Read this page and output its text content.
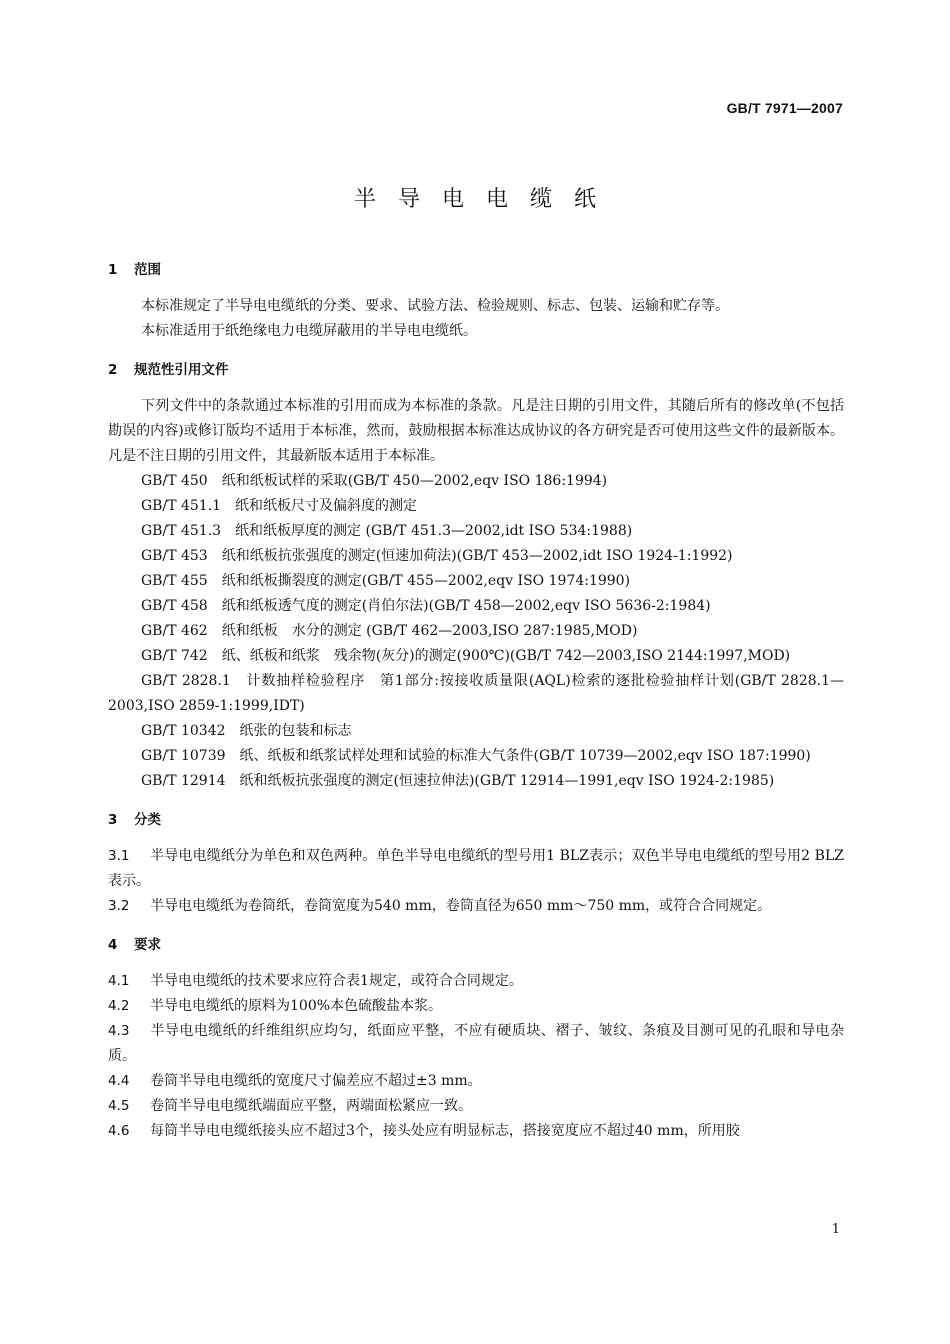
GB/T 7971—2007
半导电电缆纸

1 范围

本标准规定了半导电电缆纸的分类、要求、试验方法、检验规则、标志、包装、运输和贮存等。

本标准适用于纸绝缘电力电缆屏蔽用的半导电电缆纸。

2 规范性引用文件

下列文件中的条款通过本标准的引用而成为本标准的条款。凡是注日期的引用文件，其随后所有的修改单(不包括勘误的内容)或修订版均不适用于本标准，然而，鼓励根据本标准达成协议的各方研究是否可使用这些文件的最新版本。凡是不注日期的引用文件，其最新版本适用于本标准。

GB/T 450　纸和纸板试样的采取(GB/T 450—2002,eqv ISO 186:1994)

GB/T 451.1　纸和纸板尺寸及偏斜度的测定

GB/T 451.3　纸和纸板厚度的测定 (GB/T 451.3—2002,idt ISO 534:1988)

GB/T 453　纸和纸板抗张强度的测定(恒速加荷法)(GB/T 453—2002,idt ISO 1924-1:1992)

GB/T 455　纸和纸板撕裂度的测定(GB/T 455—2002,eqv ISO 1974:1990)

GB/T 458　纸和纸板透气度的测定(肖伯尔法)(GB/T 458—2002,eqv ISO 5636-2:1984)

GB/T 462　纸和纸板　水分的测定 (GB/T 462—2003,ISO 287:1985,MOD)

GB/T 742　纸、纸板和纸浆　残余物(灰分)的测定(900℃)(GB/T 742—2003,ISO 2144:1997,MOD)

GB/T 2828.1　计数抽样检验程序　第1部分:按接收质量限(AQL)检索的逐批检验抽样计划(GB/T 2828.1—2003,ISO 2859-1:1999,IDT)

GB/T 10342　纸张的包装和标志

GB/T 10739　纸、纸板和纸浆试样处理和试验的标准大气条件(GB/T 10739—2002,eqv ISO 187:1990)

GB/T 12914　纸和纸板抗张强度的测定(恒速拉伸法)(GB/T 12914—1991,eqv ISO 1924-2:1985)

3 分类

3.1 半导电电缆纸分为单色和双色两种。单色半导电电缆纸的型号用1 BLZ表示；双色半导电电缆纸的型号用2 BLZ表示。

3.2 半导电电缆纸为卷筒纸，卷筒宽度为540 mm，卷筒直径为650 mm～750 mm，或符合合同规定。

4 要求

4.1 半导电电缆纸的技术要求应符合表1规定，或符合合同规定。

4.2 半导电电缆纸的原料为100%本色硫酸盐本浆。

4.3 半导电电缆纸的纤维组织应均匀，纸面应平整，不应有硬质块、褶子、皱纹、条痕及目测可见的孔眼和导电杂质。

4.4 卷筒半导电电缆纸的宽度尺寸偏差应不超过±3 mm。

4.5 卷筒半导电电缆纸端面应平整，两端面松紧应一致。

4.6 每筒半导电电缆纸接头应不超过3个，接头处应有明显标志，搭接宽度应不超过40 mm，所用胶

1
